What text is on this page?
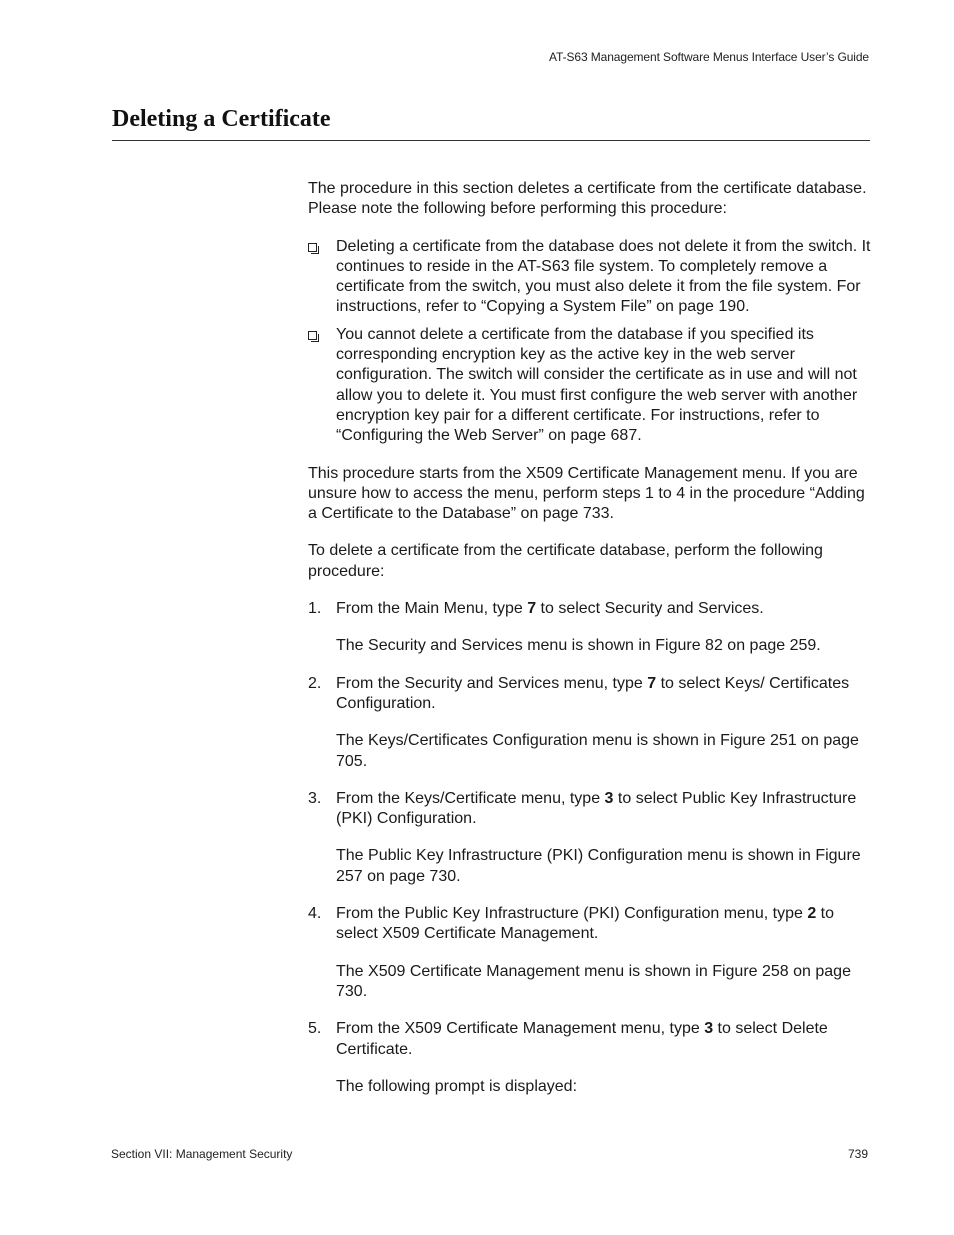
AT-S63 Management Software Menus Interface User’s Guide
Deleting a Certificate

The procedure in this section deletes a certificate from the certificate database. Please note the following before performing this procedure:

Deleting a certificate from the database does not delete it from the switch. It continues to reside in the AT-S63 file system. To completely remove a certificate from the switch, you must also delete it from the file system. For instructions, refer to “Copying a System File” on page 190.
You cannot delete a certificate from the database if you specified its corresponding encryption key as the active key in the web server configuration. The switch will consider the certificate as in use and will not allow you to delete it. You must first configure the web server with another encryption key pair for a different certificate. For instructions, refer to “Configuring the Web Server” on page 687.

This procedure starts from the X509 Certificate Management menu. If you are unsure how to access the menu, perform steps 1 to 4 in the procedure “Adding a Certificate to the Database” on page 733.

To delete a certificate from the certificate database, perform the following procedure:

1. From the Main Menu, type 7 to select Security and Services.

The Security and Services menu is shown in Figure 82 on page 259.

2. From the Security and Services menu, type 7 to select Keys/ Certificates Configuration.

The Keys/Certificates Configuration menu is shown in Figure 251 on page 705.

3. From the Keys/Certificate menu, type 3 to select Public Key Infrastructure (PKI) Configuration.

The Public Key Infrastructure (PKI) Configuration menu is shown in Figure 257 on page 730.

4. From the Public Key Infrastructure (PKI) Configuration menu, type 2 to select X509 Certificate Management.

The X509 Certificate Management menu is shown in Figure 258 on page 730.

5. From the X509 Certificate Management menu, type 3 to select Delete Certificate.

The following prompt is displayed:

Section VII: Management Security	739
